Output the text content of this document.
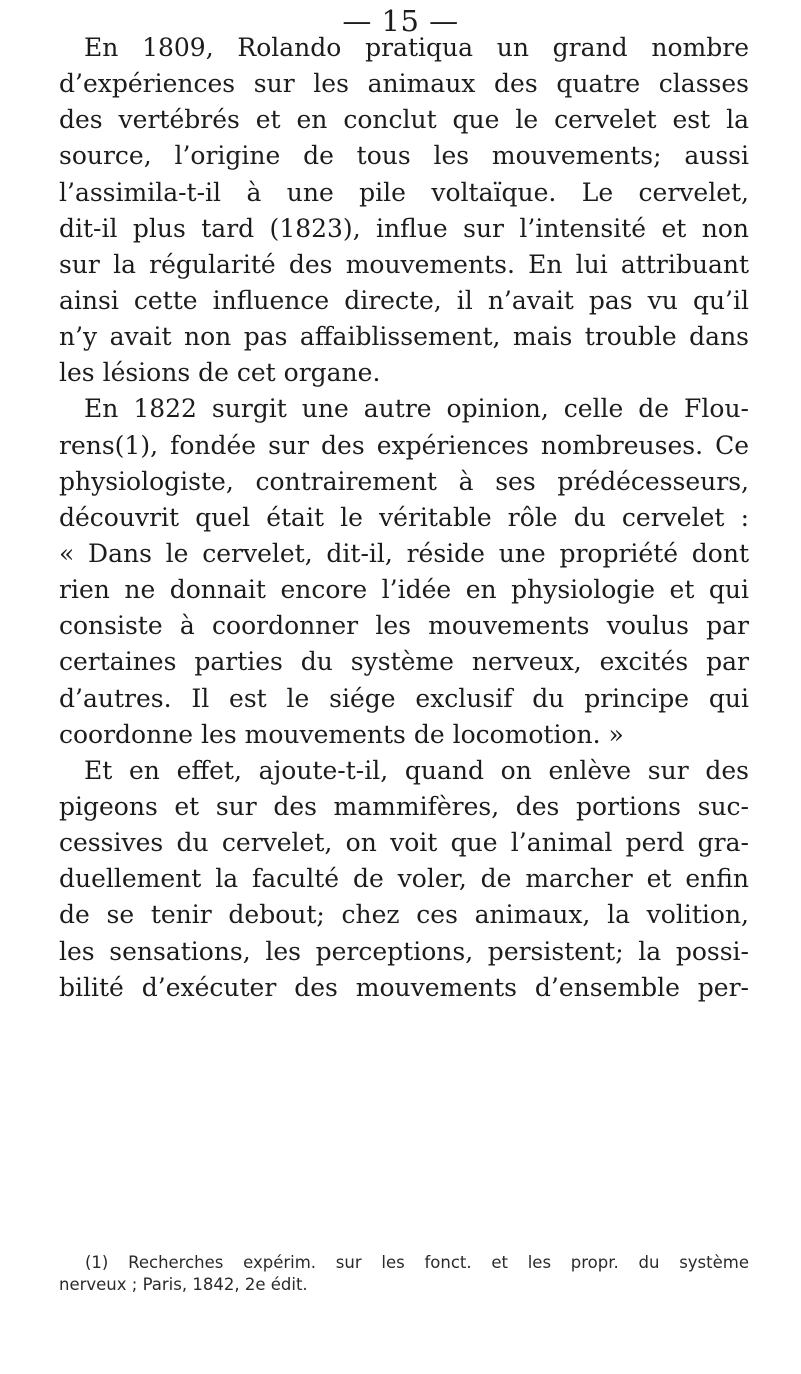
— 15 —
En 1809, Rolando pratiqua un grand nombre
d’expériences sur les animaux des quatre classes
des vertébrés et en conclut que le cervelet est la
source, l’origine de tous les mouvements; aussi
l’assimila-t-il à une pile voltaïque. Le cervelet,
dit-il plus tard (1823), influe sur l’intensité et non
sur la régularité des mouvements. En lui attribuant
ainsi cette influence directe, il n’avait pas vu qu’il
n’y avait non pas affaiblissement, mais trouble dans
les lésions de cet organe.
En 1822 surgit une autre opinion, celle de Flou-
rens(1), fondée sur des expériences nombreuses. Ce
physiologiste, contrairement à ses prédécesseurs,
découvrit quel était le véritable rôle du cervelet :
« Dans le cervelet, dit-il, réside une propriété dont
rien ne donnait encore l’idée en physiologie et qui
consiste à coordonner les mouvements voulus par
certaines parties du système nerveux, excités par
d’autres. Il est le siége exclusif du principe qui
coordonne les mouvements de locomotion. »
Et en effet, ajoute-t-il, quand on enlève sur des
pigeons et sur des mammifères, des portions suc-
cessives du cervelet, on voit que l’animal perd gra-
duellement la faculté de voler, de marcher et enfin
de se tenir debout; chez ces animaux, la volition,
les sensations, les perceptions, persistent; la possi-
bilité d’exécuter des mouvements d’ensemble per-
(1) Recherches expérim. sur les fonct. et les propr. du système
nerveux ; Paris, 1842, 2e édit.
